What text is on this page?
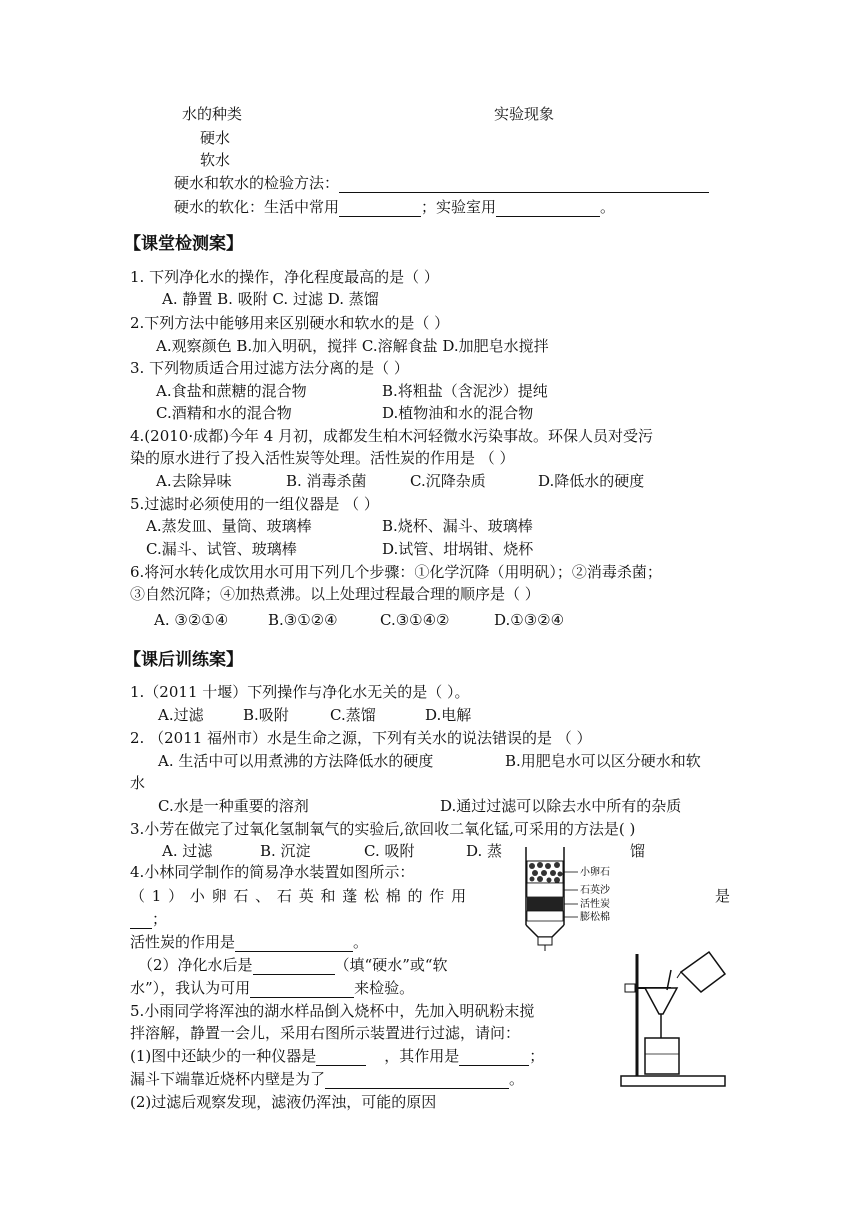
水的种类	实验现象
硬水
软水
硬水和软水的检验方法：
硬水的软化：生活中常用	；实验室用	。
【课堂检测案】
1. 下列净化水的操作，净化程度最高的是（ ）
A. 静置 B. 吸附 C. 过滤 D. 蒸馏
2.下列方法中能够用来区别硬水和软水的是（ ）
A.观察颜色 B.加入明矾，搅拌 C.溶解食盐 D.加肥皂水搅拌
3. 下列物质适合用过滤方法分离的是（ ）
A.食盐和蔗糖的混合物	B.将粗盐（含泥沙）提纯
C.酒精和水的混合物	D.植物油和水的混合物
4.(2010·成都)今年 4 月初，成都发生柏木河轻微水污染事故。环保人员对受污
染的原水进行了投入活性炭等处理。活性炭的作用是 （ ）
A.去除异味	B. 消毒杀菌	C.沉降杂质	D.降低水的硬度
5.过滤时必须使用的一组仪器是 （ ）
A.蒸发皿、量筒、玻璃棒	B.烧杯、漏斗、玻璃棒
C.漏斗、试管、玻璃棒	D.试管、坩埚钳、烧杯
6.将河水转化成饮用水可用下列几个步骤：①化学沉降（用明矾）；②消毒杀菌；
③自然沉降；④加热煮沸。以上处理过程最合理的顺序是（ ）
A. ③②①④	B.③①②④	C.③①④②	D.①③②④
【课后训练案】
1.（2011 十堰）下列操作与净化水无关的是（ ）。
A.过滤	B.吸附	C.蒸馏	D.电解
2. （2011 福州市）水是生命之源，下列有关水的说法错误的是 （ ）
A. 生活中可以用煮沸的方法降低水的硬度	B.用肥皂水可以区分硬水和软
水
C.水是一种重要的溶剂	D.通过过滤可以除去水中所有的杂质
3.小芳在做完了过氧化氢制氧气的实验后,欲回收二氧化锰,可采用的方法是( )
A. 过滤	B. 沉淀	C. 吸附	D. 蒸	馏
4.小林同学制作的简易净水装置如图所示：
（ 1 ） 小 卵 石 、 石 英 和 蓬 松 棉 的 作 用	是
；
活性炭的作用是	。
（2）净化水后是	（填“硬水”或“软
水”），我认为可用	来检验。
5.小雨同学将浑浊的湖水样品倒入烧杯中，先加入明矾粉末搅
拌溶解，静置一会儿，采用右图所示装置进行过滤，请问：
(1)图中还缺少的一种仪器是	，其作用是	；
漏斗下端靠近烧杯内壁是为了	。
(2)过滤后观察发现，滤液仍浑浊，可能的原因
小卵石
石英沙
活性炭
膨松棉
